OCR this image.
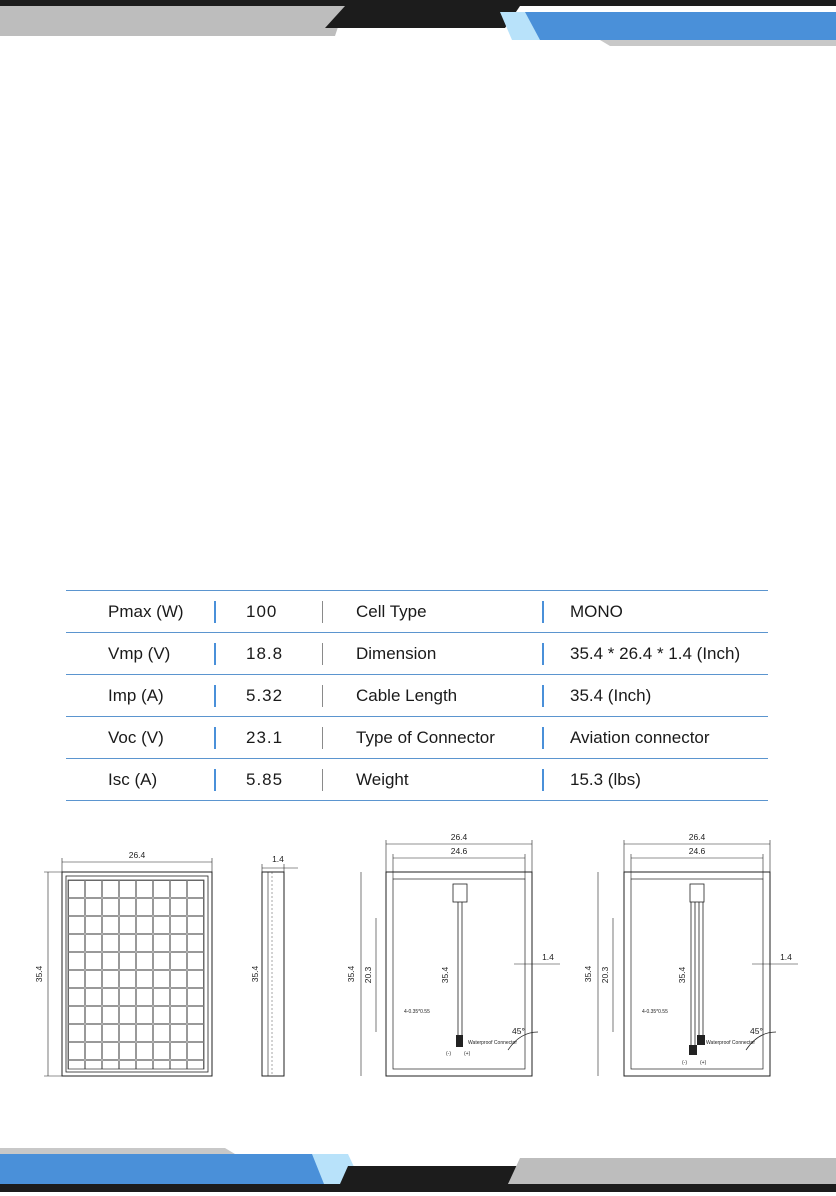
Pmax (W)	100	Cell Type	MONO
Vmp (V)	18.8	Dimension	35.4 * 26.4 * 1.4 (Inch)
Imp (A)	5.32	Cable Length	35.4 (Inch)
Voc (V)	23.1	Type of Connector	Aviation connector
Isc (A)	5.85	Weight	15.3 (lbs)
26.4
35.4
1.4
35.4
26.4
24.6
35.4 20.3	35.4
1.4
4-0.35*0.55
Waterproof Connector
(-)	(+)
45°
26.4
24.6
35.4 20.3	35.4
1.4
4-0.35*0.55
Waterproof Connector
(-)	(+)
45°
